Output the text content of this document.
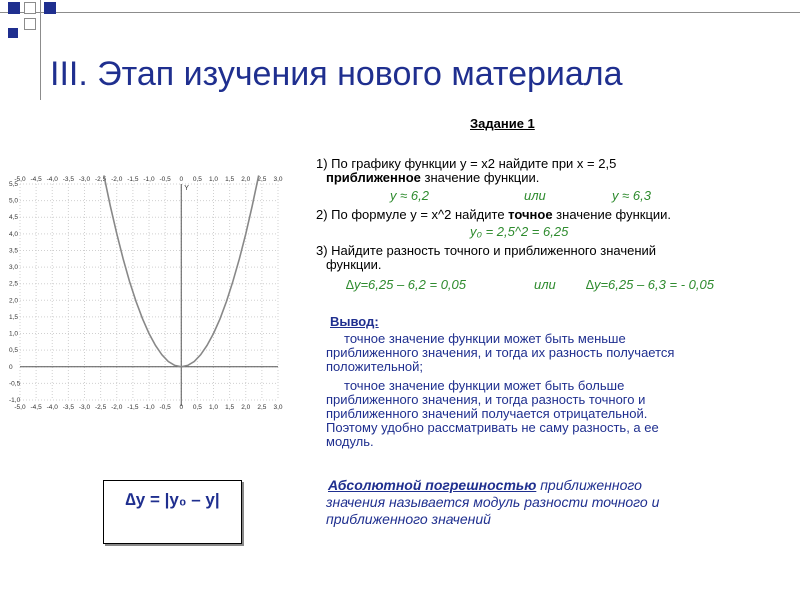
III. Этап изучения нового материала
Задание 1
1) По графику функции y = x2 найдите при x = 2,5
приближенное значение функции.
y ≈ 6,2	или	y ≈ 6,3
2) По формуле y = x^2 найдите точное значение функции.
y₀ = 2,5^2 = 6,25
3) Найдите разность точного и приближенного значений
функции.
∆y=6,25 – 6,2 = 0,05	или ∆y=6,25 – 6,3 = - 0,05
Вывод:
точное значение функции может быть меньше
приближенного значения, и тогда их разность получается
положительной;
точное значение функции может быть больше
приближенного значения, и тогда разность точного и
приближенного значений получается отрицательной.
Поэтому удобно рассматривать не саму разность, а ее
модуль.
Абсолютной погрешностью приближенного
значения называется модуль разности точного и
приближенного значений
∆y = |y₀ – y|
-5,0
-5,0
-4,5
-4,5
-4,0
-4,0
-3,5
-3,5
-3,0
-3,0
-2,5
-2,5
-2,0
-2,0
-1,5
-1,5
-1,0
-1,0
-0,5
-0,5
0
0
0,5
0,5
1,0
1,0
1,5
1,5
2,0
2,0
2,5
2,5
3,0
3,0
5,5
5,0
4,5
4,0
3,5
3,0
2,5
2,0
1,5
1,0
0,5
0
-0,5
-1,0
Y
